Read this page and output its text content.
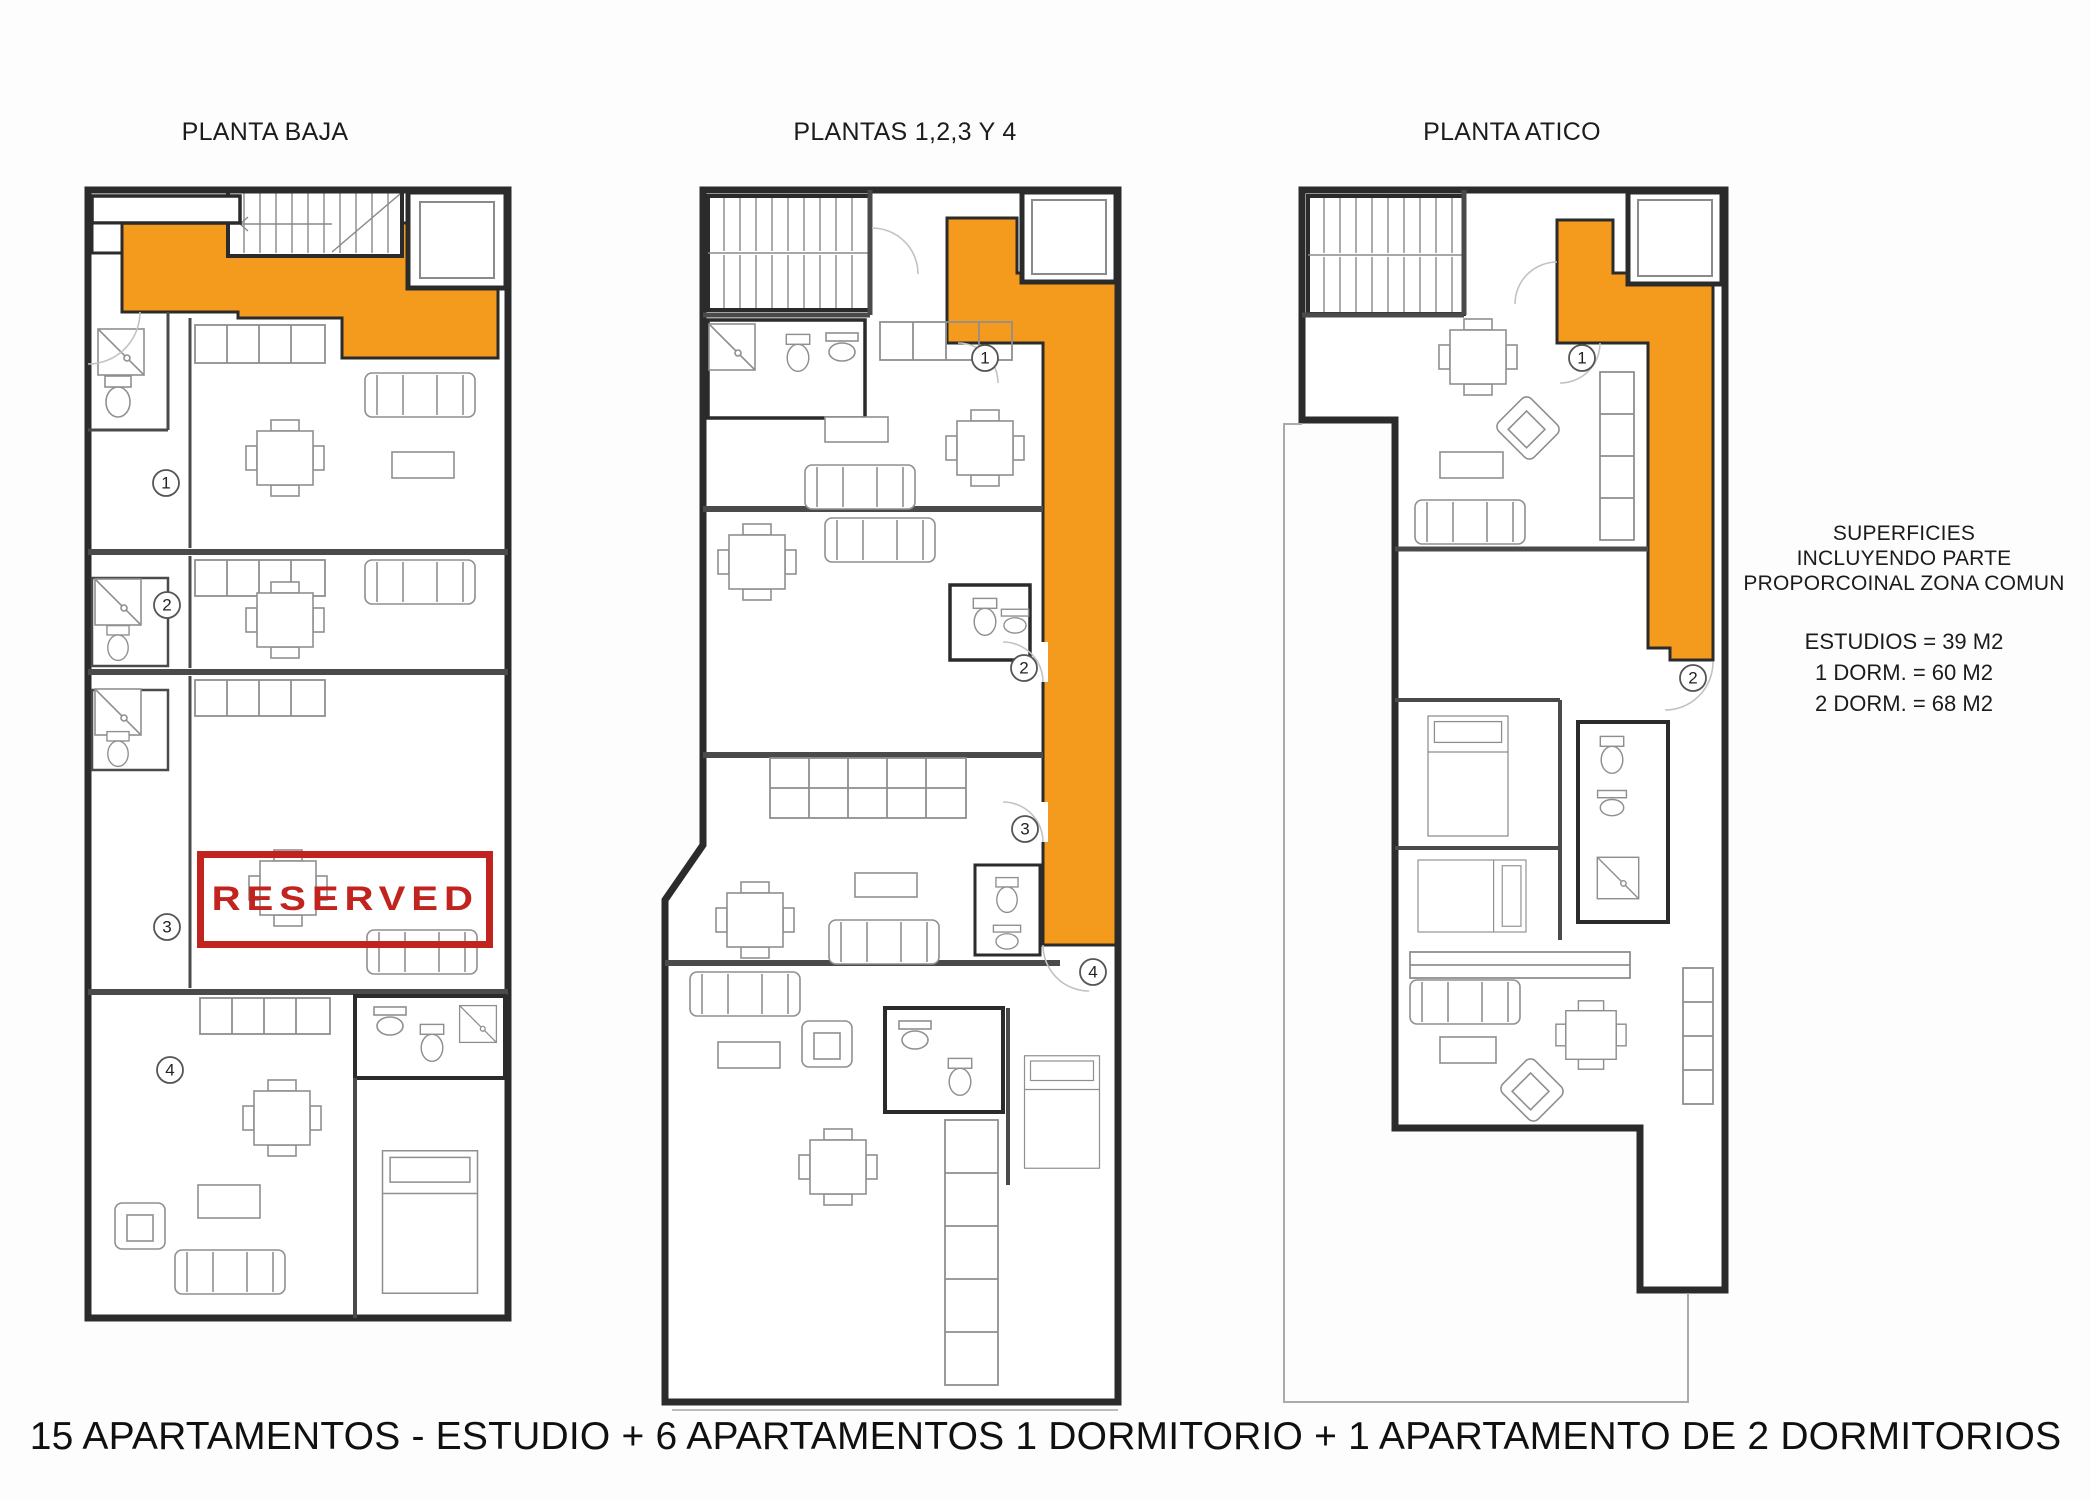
1
2
3
4
1
2
3
4
1
2
PLANTA BAJA	PLANTAS 1,2,3 Y 4	PLANTA ATICO
RESERVED

SUPERFICIES

INCLUYENDO PARTE

PROPORCOINAL ZONA COMUN

ESTUDIOS = 39 M2

1 DORM. = 60 M2

2 DORM. = 68 M2

15 APARTAMENTOS - ESTUDIO + 6 APARTAMENTOS 1 DORMITORIO + 1 APARTAMENTO DE 2 DORMITORIOS
